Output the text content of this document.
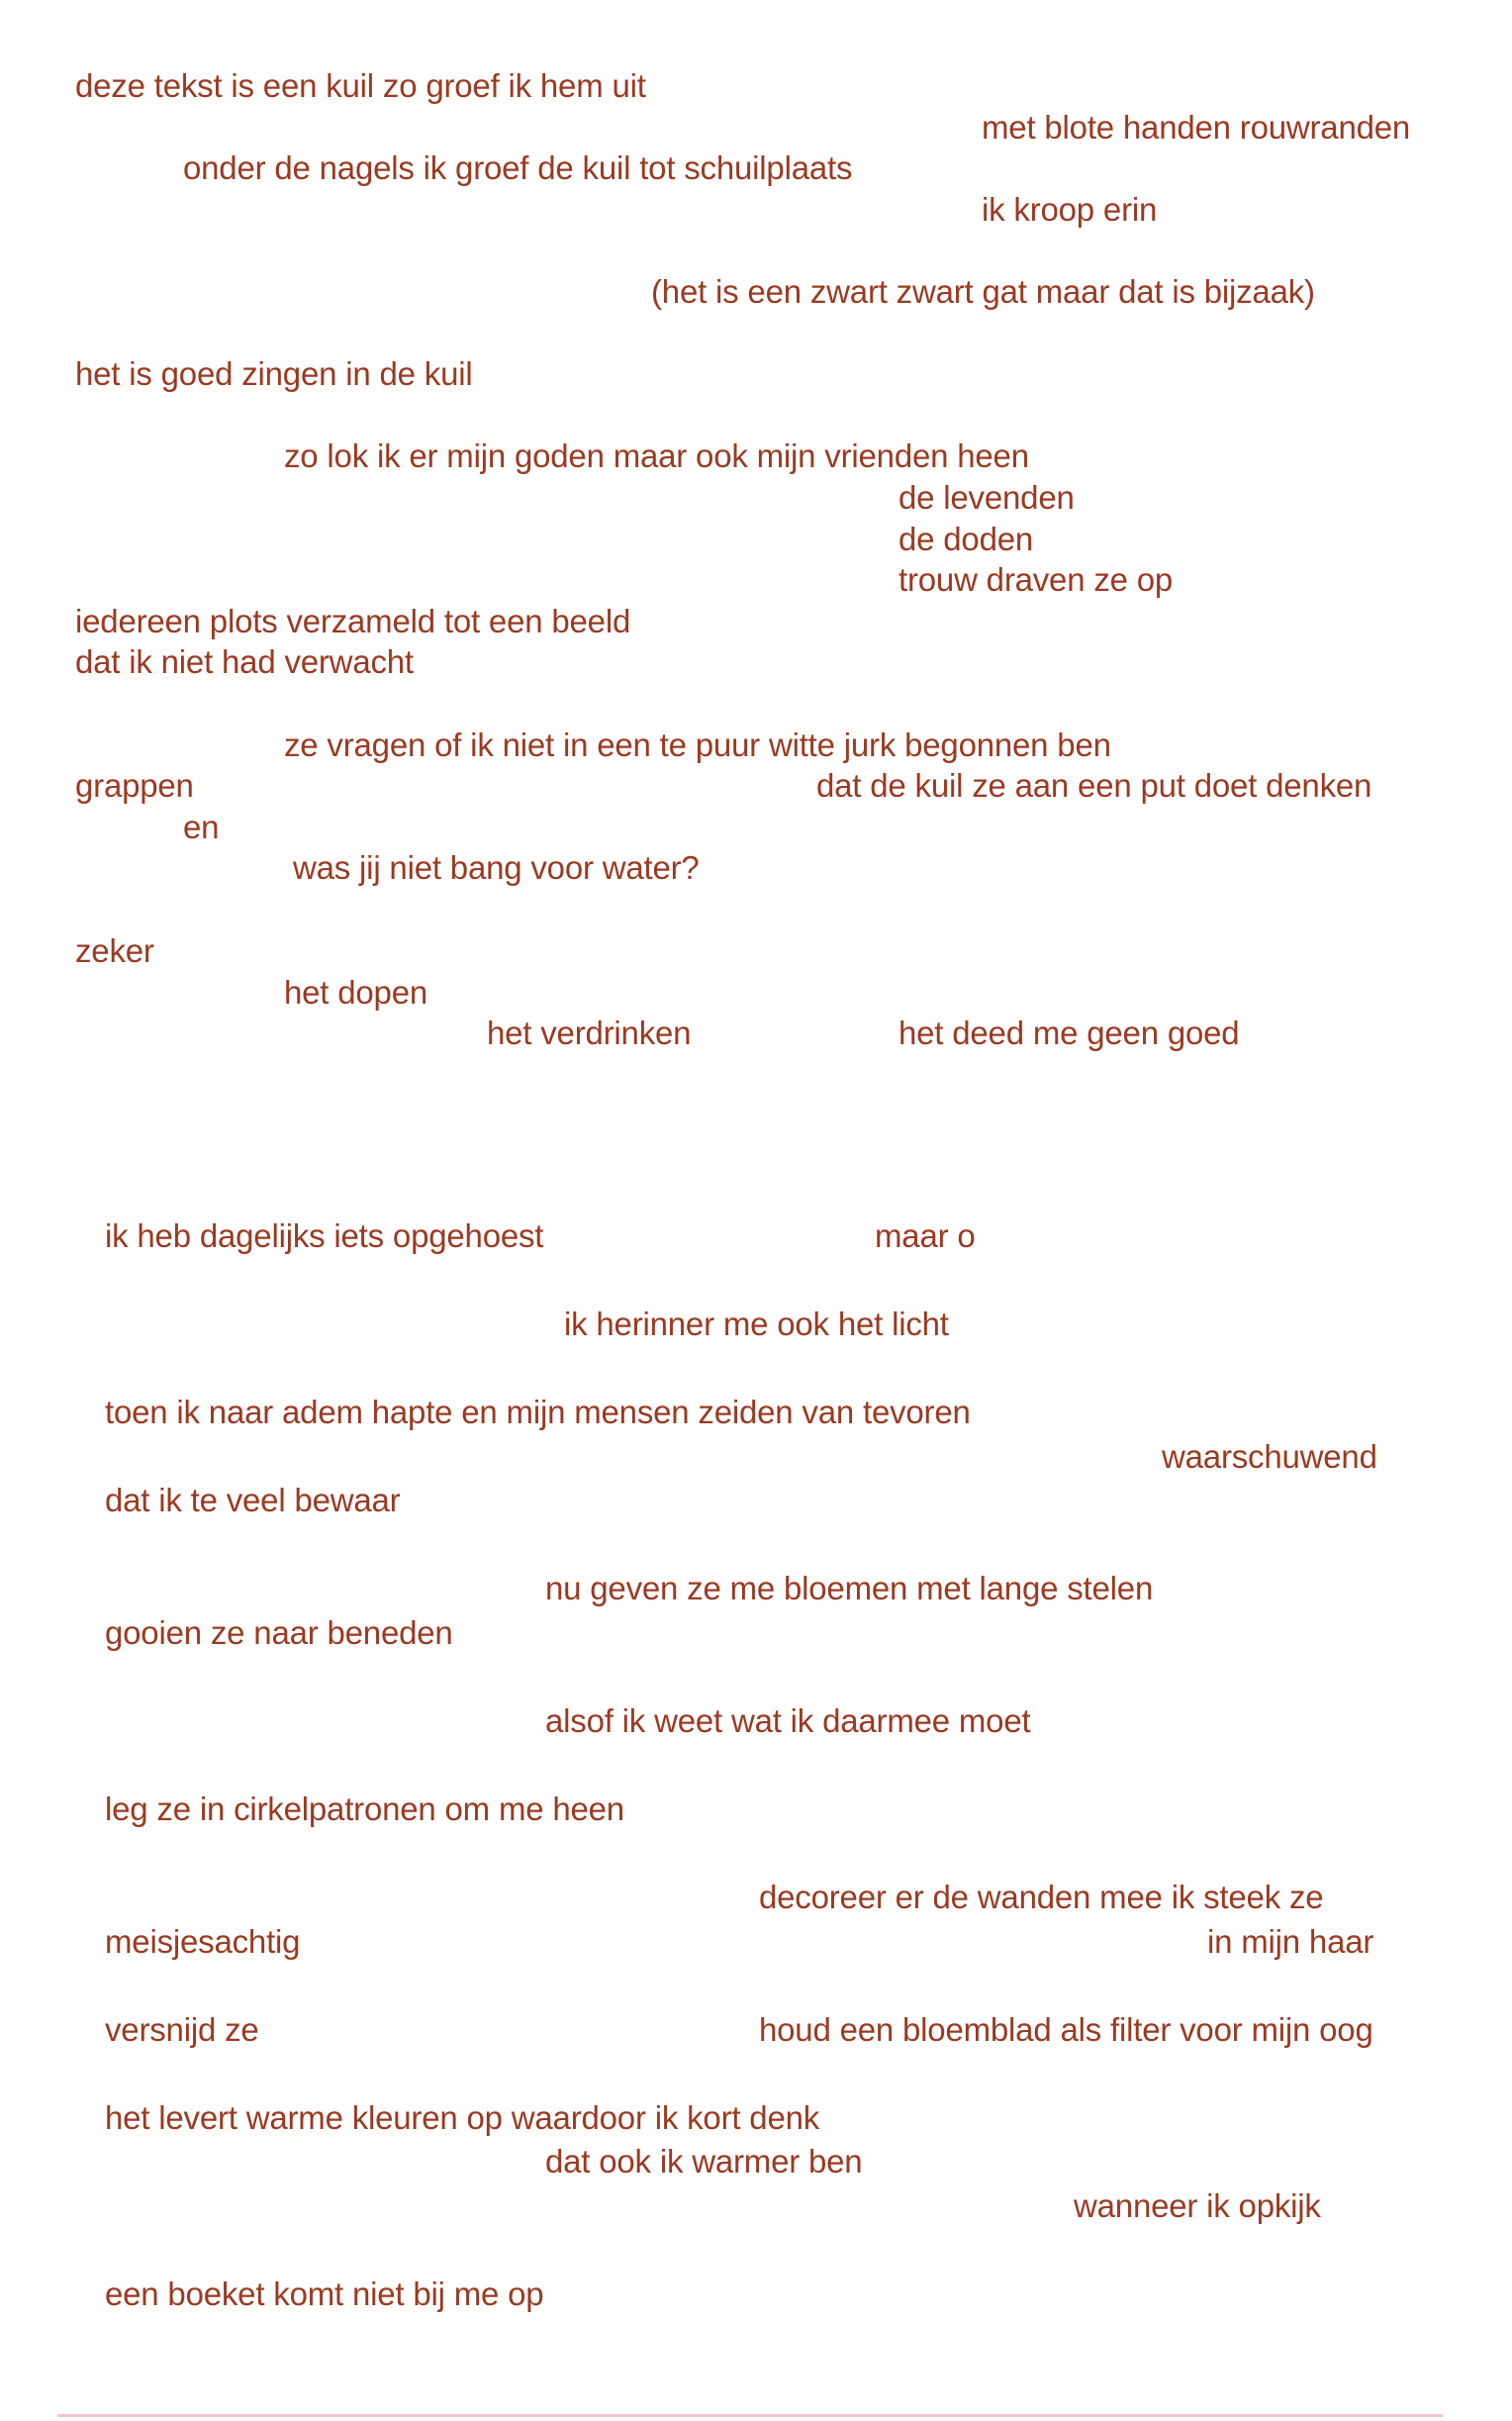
deze tekst is een kuil zo groef ik hem uit
met blote handen rouwranden
onder de nagels ik groef de kuil tot schuilplaats
ik kroop erin
(het is een zwart zwart gat maar dat is bijzaak)
het is goed zingen in de kuil
zo lok ik er mijn goden maar ook mijn vrienden heen
de levenden
de doden
trouw draven ze op
iedereen plots verzameld tot een beeld
dat ik niet had verwacht
ze vragen of ik niet in een te puur witte jurk begonnen ben
grappen	dat de kuil ze aan een put doet denken
en
was jij niet bang voor water?
zeker
het dopen
het verdrinken	het deed me geen goed
ik heb dagelijks iets opgehoest	maar o
ik herinner me ook het licht
toen ik naar adem hapte en mijn mensen zeiden van tevoren
waarschuwend
dat ik te veel bewaar
nu geven ze me bloemen met lange stelen
gooien ze naar beneden
alsof ik weet wat ik daarmee moet
leg ze in cirkelpatronen om me heen
decoreer er de wanden mee ik steek ze
meisjesachtig	in mijn haar
versnijd ze	houd een bloemblad als filter voor mijn oog
het levert warme kleuren op waardoor ik kort denk
dat ook ik warmer ben
wanneer ik opkijk
een boeket komt niet bij me op
